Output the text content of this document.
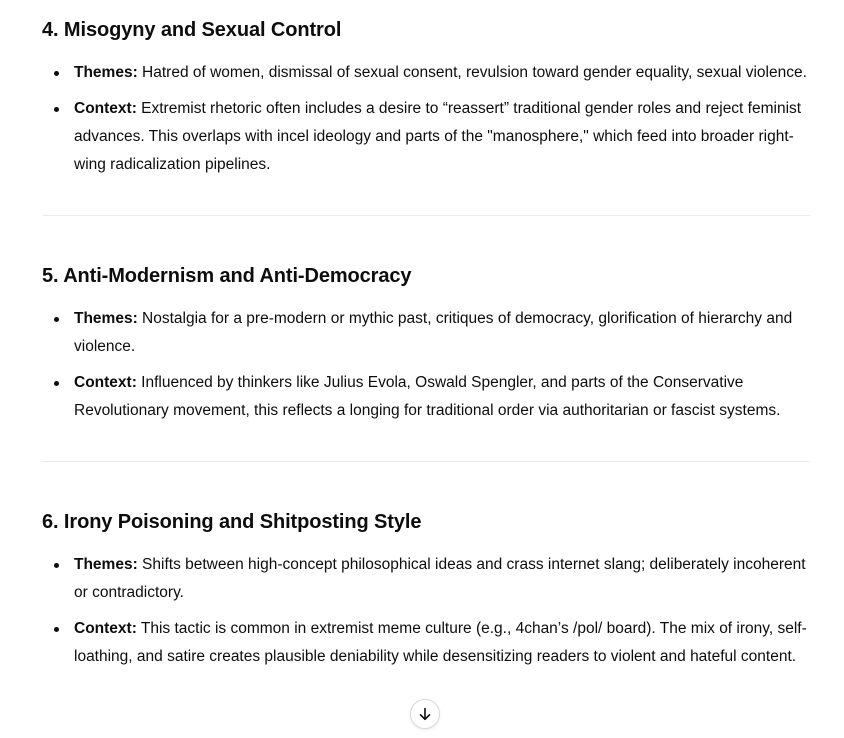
4. Misogyny and Sexual Control
Themes: Hatred of women, dismissal of sexual consent, revulsion toward gender equality, sexual violence.
Context: Extremist rhetoric often includes a desire to “reassert” traditional gender roles and reject feminist advances. This overlaps with incel ideology and parts of the "manosphere," which feed into broader right-wing radicalization pipelines.
5. Anti-Modernism and Anti-Democracy
Themes: Nostalgia for a pre-modern or mythic past, critiques of democracy, glorification of hierarchy and violence.
Context: Influenced by thinkers like Julius Evola, Oswald Spengler, and parts of the Conservative Revolutionary movement, this reflects a longing for traditional order via authoritarian or fascist systems.
6. Irony Poisoning and Shitposting Style
Themes: Shifts between high-concept philosophical ideas and crass internet slang; deliberately incoherent or contradictory.
Context: This tactic is common in extremist meme culture (e.g., 4chan’s /pol/ board). The mix of irony, self-loathing, and satire creates plausible deniability while desensitizing readers to violent and hateful content.
